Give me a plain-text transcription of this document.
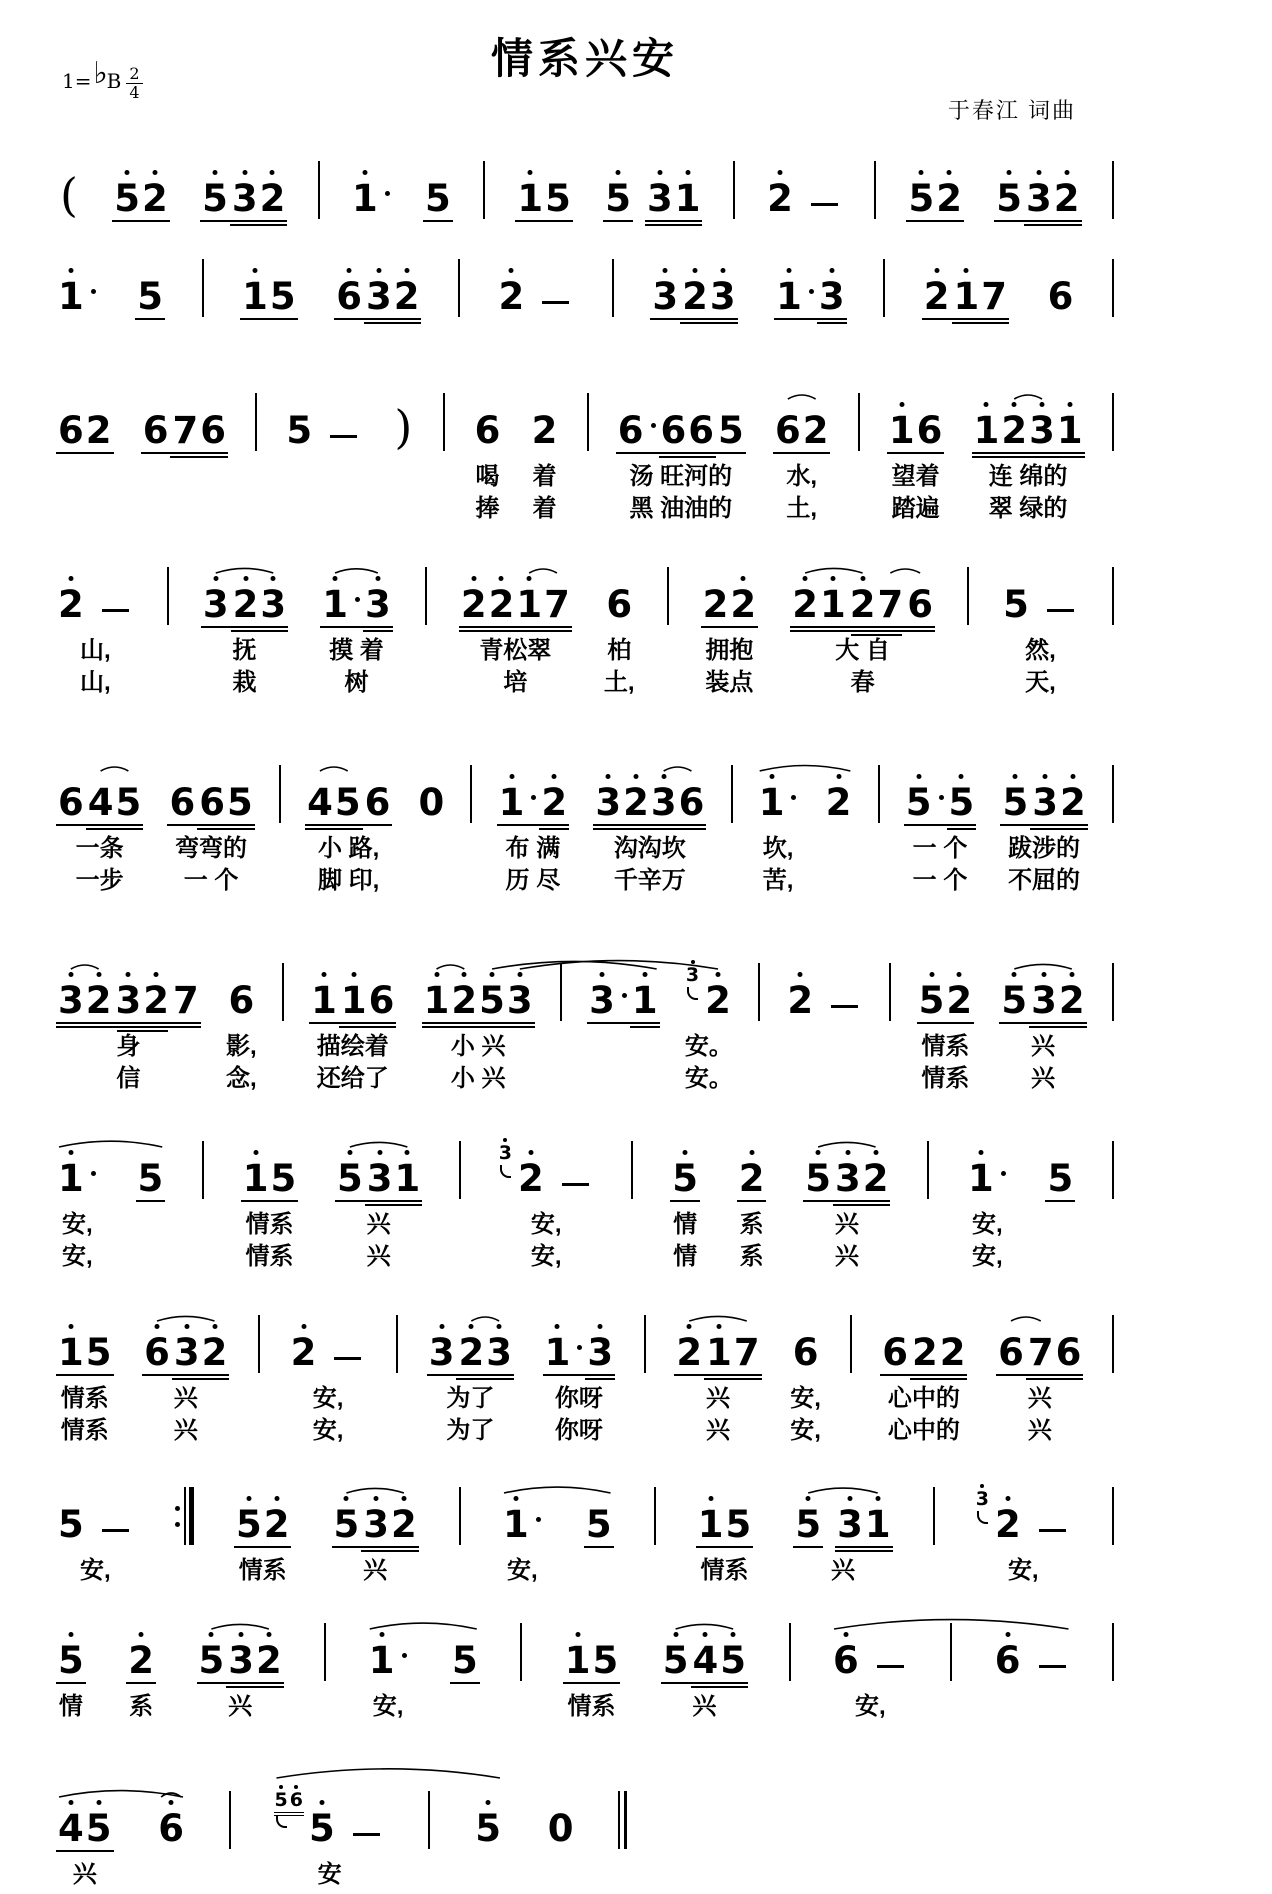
1= ♭ B $\frac{2}{4}$
情系兴安
于春江 词曲
( 52 5 32 1	5 15 5 31 2	52 5 32
1	5 15 6 32 2	3 23 1 3 2 17 6
62 6 76 5 ) 6
喝
捧
2
着
着
6 66 5
汤 旺河的
黑 油油的
62
水,
土,
16
望着
踏遍
1231
连 绵的
翠 绿的
2
山,
山,
3 23
抚
栽
1 3
摸 着
树
2217
青松翠
培
6
柏
土,
22
拥抱
装点
21 27 6
大 自
春
5
然,
天,
6 45
一条
一步
6 65
弯弯的
一 个
45 6
小 路,
脚 印,
0 1 2
布 满
历 尽
3236
沟沟坎
千辛万
1
坎,
苦,
2 5 5
一 个
一 个
5 32
跋涉的
不屈的
32 32 7
身
信
6
影,
念,
1 16
描绘着
还给了
1253
小 兴
小 兴
3 1
3
2
安。
安。
2	52
情系
情系
5 32
兴
兴
1
安,
安,
5 15
情系
情系
5 31
兴
兴
3
2
安,
安,
5
情
情
2
系
系
5 32
兴
兴
1
安,
安,
5
15
情系
情系
6 32
兴
兴
2
安,
安,
3 23
为了
为了
1 3
你呀
你呀
2 17
兴
兴
6
安,
安,
6 22
心中的
心中的
6 76
兴
兴
5
安,
52
情系
5 32
兴
1
安,
5 15
情系
5 31
兴
3
2
安,
5
情
2
系
5 32
兴
1
安,
5 15
情系
5 45
兴
6
安,
6
45
兴
6
5 6
5
安
5 0
